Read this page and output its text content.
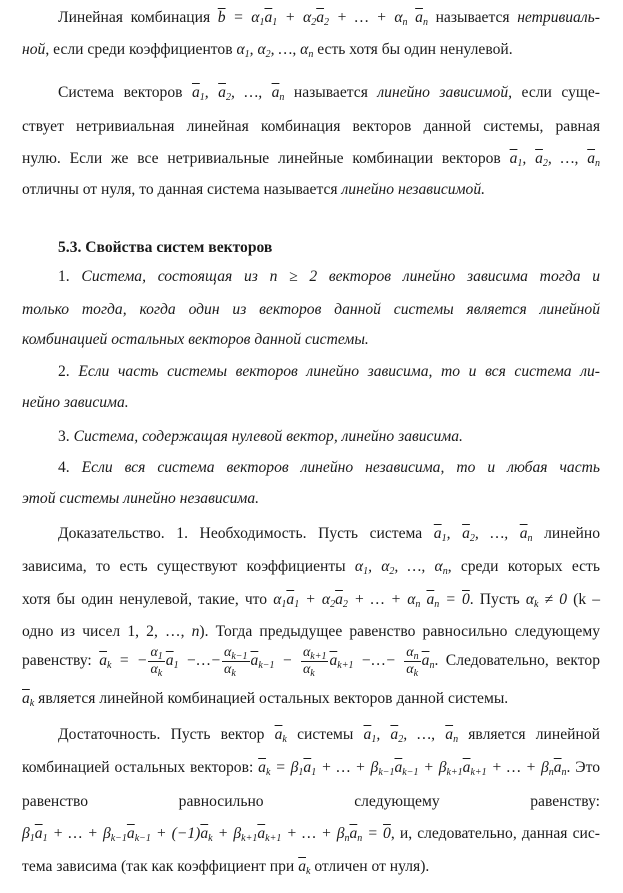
Линейная комбинация $\overline{b} = \alpha_1\overline{a}_1 + \alpha_2\overline{a}_2$ + … + $\alpha_n$ $\overline{a}_n$ называется нетривиаль-
ной, если среди коэффициентов $\alpha_1$, $\alpha_2$, …, $\alpha_n$ есть хотя бы один ненулевой.
Система векторов $\overline{a}_1$, $\overline{a}_2$, …, $\overline{a}_n$ называется линейно зависимой, если суще-
ствует нетривиальная линейная комбинация векторов данной системы, равная
нулю. Если же все нетривиальные линейные комбинации векторов $\overline{a}_1$, $\overline{a}_2$, …, $\overline{a}_n$
отличны от нуля, то данная система называется линейно независимой.
5.3. Свойства систем векторов
1. Система, состоящая из n ≥ 2 векторов линейно зависима тогда и
только тогда, когда один из векторов данной системы является линейной
комбинацией остальных векторов данной системы.
2. Если часть системы векторов линейно зависима, то и вся система ли-
нейно зависима.
3. Система, содержащая нулевой вектор, линейно зависима.
4. Если вся система векторов линейно независима, то и любая часть
этой системы линейно независима.
Доказательство. 1. Необходимость. Пусть система $\overline{a}_1$, $\overline{a}_2$, …, $\overline{a}_n$ линейно
зависима, то есть существуют коэффициенты $\alpha_1$, $\alpha_2$, …, $\alpha_n$, среди которых есть
хотя бы один ненулевой, такие, что $\alpha_1\overline{a}_1 + \alpha_2\overline{a}_2$ + … + $\alpha_n$ $\overline{a}_n = 0$. Пусть $\alpha_k \ne 0$ (k –
одно из чисел 1, 2, …, n). Тогда предыдущее равенство равносильно следующему
равенству: $\overline{a}_k$ = − $\frac{\alpha_1}{\alpha_k} \overline{a}_1$ −…− $\frac{\alpha_{k-1}}{\alpha_k} \overline{a}_{k-1} - \frac{\alpha_{k+1}}{\alpha_k} \overline{a}_{k+1}$ −…− $\frac{\alpha_n}{\alpha_k} \overline{a}_n$. Следовательно, вектор
$\overline{a}_k$ является линейной комбинацией остальных векторов данной системы.
Достаточность. Пусть вектор $\overline{a}_k$ системы $\overline{a}_1$, $\overline{a}_2$, …, $\overline{a}_n$ является линейной
комбинацией остальных векторов: $\overline{a}_k = \beta_1\overline{a}_1$ + … + $\beta_{k-1}\overline{a}_{k-1} + \beta_{k+1}\overline{a}_{k+1}$ + … + $\beta_n\overline{a}_n$. Это
равенство	равносильно	следующему	равенству:
$\beta_1\overline{a}_1$ + … + $\beta_{k-1}\overline{a}_{k-1} + (-1)\overline{a}_k + \beta_{k+1}\overline{a}_{k+1}$ + … + $\beta_n\overline{a}_n = 0$, и, следовательно, данная сис-
тема зависима (так как коэффициент при $\overline{a}_k$ отличен от нуля).
